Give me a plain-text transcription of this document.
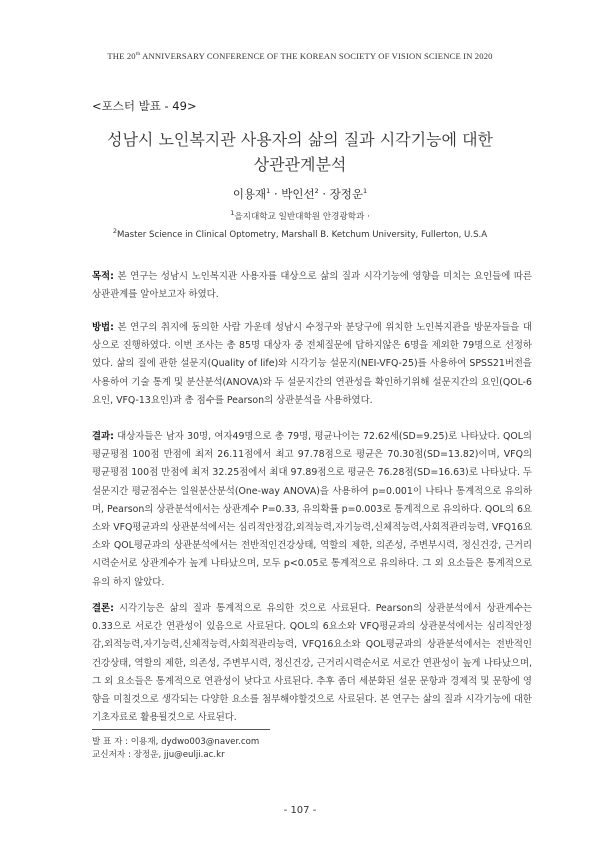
THE 20th ANNIVERSARY CONFERENCE OF THE KOREAN SOCIETY OF VISION SCIENCE IN 2020
<포스터 발표 - 49>
성남시 노인복지관 사용자의 삶의 질과 시각기능에 대한
상관관계분석
이용재$^1$ · 박인선$^2$ · 장정운$^1$
$^1$을지대학교 일반대학원 안경광학과 ·
$^2$Master Science in Clinical Optometry, Marshall B. Ketchum University, Fullerton, U.S.A
목적: 본 연구는 성남시 노인복지관 사용자를 대상으로 삶의 질과 시각기능에 영향을 미치는 요인들에 따른 상관관계를 알아보고자 하였다.
방법: 본 연구의 취지에 동의한 사람 가운데 성남시 수정구와 분당구에 위치한 노인복지관을 방문자들을 대상으로 진행하였다. 이번 조사는 총 85명 대상자 중 전체질문에 답하지않은 6명을 제외한 79명으로 선정하였다. 삶의 질에 관한 설문지(Quality of life)와 시각기능 설문지(NEI-VFQ-25)를 사용하여 SPSS21버전을 사용하여 기술 통계 및 분산분석(ANOVA)와 두 설문지간의 연관성을 확인하기위해 설문지간의 요인(QOL-6요인, VFQ-13요인)과 총 점수를 Pearson의 상관분석을 사용하였다.
결과: 대상자들은 남자 30명, 여자49명으로 총 79명, 평균나이는 72.62세(SD=9.25)로 나타났다. QOL의 평균평점 100점 만점에 최저 26.11점에서 최고 97.78점으로 평균은 70.30점(SD=13.82)이며, VFQ의 평균평점 100점 만점에 최저 32.25점에서 최대 97.89점으로 평균은 76.28점(SD=16.63)로 나타났다. 두 설문지간 평균점수는 일원분산분석(One-way ANOVA)을 사용하여 p=0.001이 나타나 통계적으로 유의하며, Pearson의 상관분석에서는 상관계수 P=0.33, 유의확률 p=0.003로 통계적으로 유의하다. QOL의 6요소와 VFQ평균과의 상관분석에서는 심리적안정감,외적능력,자기능력,신체적능력,사회적관리능력, VFQ16요소와 QOL평균과의 상관분석에서는 전반적인건강상태, 역할의 제한, 의존성, 주변부시력, 정신건강, 근거리시력순서로 상관계수가 높게 나타났으며, 모두 p<0.05로 통계적으로 유의하다. 그 외 요소들은 통계적으로 유의 하지 않았다.
결론: 시각기능은 삶의 질과 통계적으로 유의한 것으로 사료된다. Pearson의 상관분석에서 상관계수는 0.33으로 서로간 연관성이 있음으로 사료된다. QOL의 6요소와 VFQ평균과의 상관분석에서는 심리적안정감,외적능력,자기능력,신체적능력,사회적관리능력, VFQ16요소와 QOL평균과의 상관분석에서는 전반적인건강상태, 역할의 제한, 의존성, 주변부시력, 정신건강, 근거리시력순서로 서로간 연관성이 높게 나타났으며, 그 외 요소들은 통계적으로 연관성이 낮다고 사료된다. 추후 좀더 세분화된 설문 문항과 경제적 및 문항에 영향을 미칠것으로 생각되는 다양한 요소를 첨부해야할것으로 사료된다. 본 연구는 삶의 질과 시각기능에 대한 기초자료로 활용될것으로 사료된다.
발 표 자 : 이용재, dydwo003@naver.com
교신저자 : 장정운, jju@eulji.ac.kr
- 107 -
